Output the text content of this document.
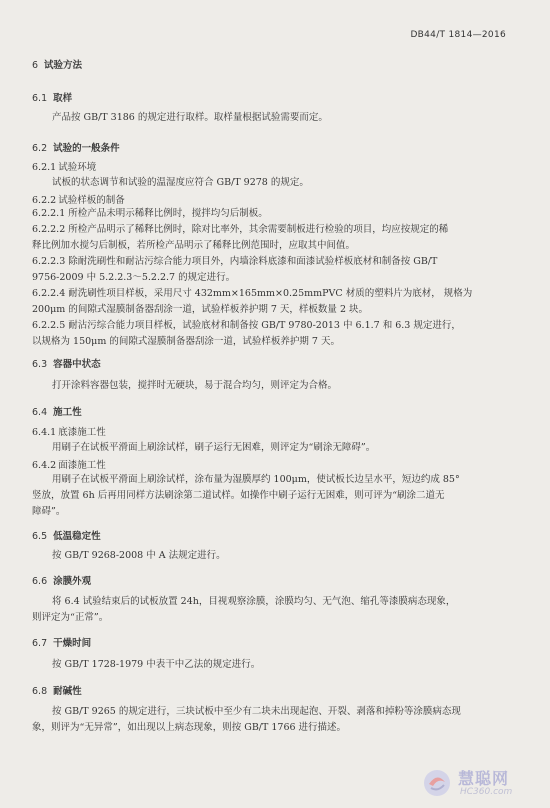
DB44/T 1814—2016
6 试验方法
6.1 取样
产品按 GB/T 3186 的规定进行取样。取样量根据试验需要而定。
6.2 试验的一般条件
6.2.1 试验环境
试板的状态调节和试验的温湿度应符合 GB/T 9278 的规定。
6.2.2 试验样板的制备
6.2.2.1 所检产品未明示稀释比例时，搅拌均匀后制板。
6.2.2.2 所检产品明示了稀释比例时，除对比率外，其余需要制板进行检验的项目，均应按规定的稀
释比例加水搅匀后制板，若所检产品明示了稀释比例范围时，应取其中间值。
6.2.2.3 除耐洗刷性和耐沾污综合能力项目外，内墙涂料底漆和面漆试验样板底材和制备按 GB/T
9756-2009 中 5.2.2.3～5.2.2.7 的规定进行。
6.2.2.4 耐洗刷性项目样板，采用尺寸 432mm×165mm×0.25mmPVC 材质的塑料片为底材， 规格为
200μm 的间隙式湿膜制备器刮涂一道，试验样板养护期 7 天，样板数量 2 块。
6.2.2.5 耐沾污综合能力项目样板，试验底材和制备按 GB/T 9780-2013 中 6.1.7 和 6.3 规定进行，
以规格为 150μm 的间隙式湿膜制备器刮涂一道，试验样板养护期 7 天。
6.3 容器中状态
打开涂料容器包装，搅拌时无硬块，易于混合均匀，则评定为合格。
6.4 施工性
6.4.1 底漆施工性
用刷子在试板平滑面上刷涂试样，刷子运行无困难，则评定为“刷涂无障碍”。
6.4.2 面漆施工性
用刷子在试板平滑面上刷涂试样，涂布量为湿膜厚约 100μm，使试板长边呈水平，短边约成 85°
竖放，放置 6h 后再用同样方法刷涂第二道试样。如操作中刷子运行无困难，则可评为“刷涂二道无
障碍”。
6.5 低温稳定性
按 GB/T 9268-2008 中 A 法规定进行。
6.6 涂膜外观
将 6.4 试验结束后的试板放置 24h，目视观察涂膜，涂膜均匀、无气泡、缩孔等漆膜病态现象，
则评定为“正常”。
6.7 干燥时间
按 GB/T 1728-1979 中表干中乙法的规定进行。
6.8 耐碱性
按 GB/T 9265 的规定进行，三块试板中至少有二块未出现起泡、开裂、剥落和掉粉等涂膜病态现
象，则评为“无异常”，如出现以上病态现象，则按 GB/T 1766 进行描述。
慧聪网
HC360.com
